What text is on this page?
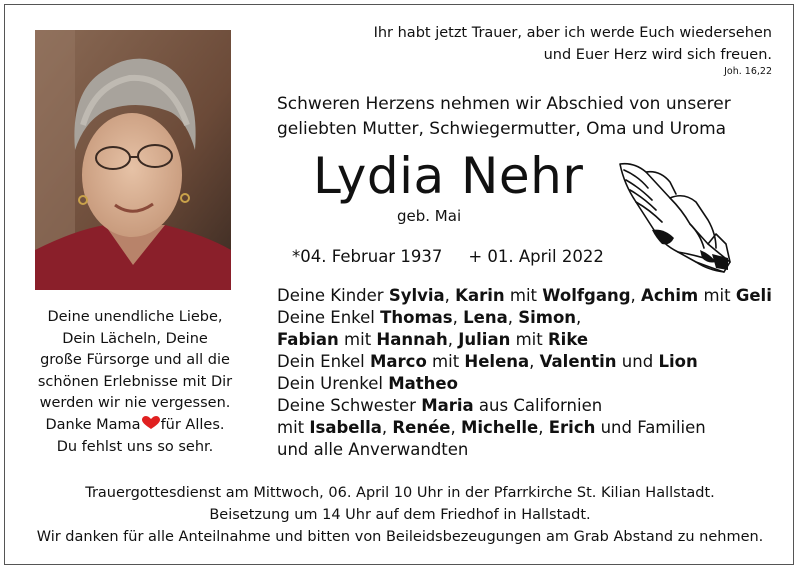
Ihr habt jetzt Trauer, aber ich werde Euch wiedersehen
und Euer Herz wird sich freuen.
Joh. 16,22
Schweren Herzens nehmen wir Abschied von unserer
geliebten Mutter, Schwiegermutter, Oma und Uroma
Lydia Nehr
geb. Mai
*04. Februar 1937 + 01. April 2022
Deine unendliche Liebe,
Dein Lächeln, Deine
große Fürsorge und all die
schönen Erlebnisse mit Dir
werden wir nie vergessen.
Danke Mama für Alles.
Du fehlst uns so sehr.
Deine Kinder Sylvia, Karin mit Wolfgang, Achim mit Geli
Deine Enkel Thomas, Lena, Simon,
Fabian mit Hannah, Julian mit Rike
Dein Enkel Marco mit Helena, Valentin und Lion
Dein Urenkel Matheo
Deine Schwester Maria aus Californien
mit Isabella, Renée, Michelle, Erich und Familien
und alle Anverwandten
Trauergottesdienst am Mittwoch, 06. April 10 Uhr in der Pfarrkirche St. Kilian Hallstadt.
Beisetzung um 14 Uhr auf dem Friedhof in Hallstadt.
Wir danken für alle Anteilnahme und bitten von Beileidsbezeugungen am Grab Abstand zu nehmen.
